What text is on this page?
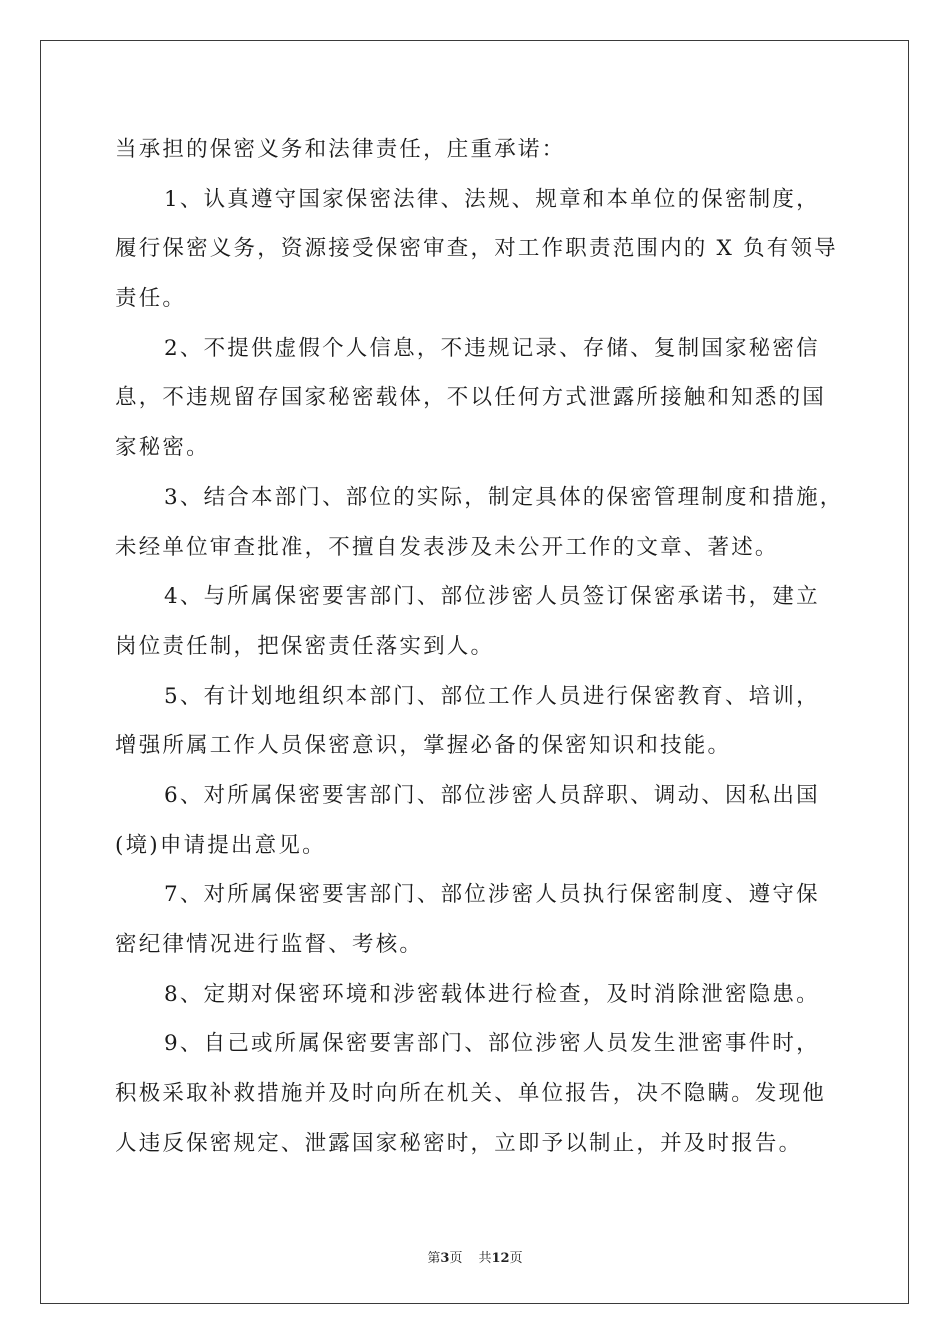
当承担的保密义务和法律责任，庄重承诺：
1、认真遵守国家保密法律、法规、规章和本单位的保密制度，
履行保密义务，资源接受保密审查，对工作职责范围内的 X 负有领导
责任。
2、不提供虚假个人信息，不违规记录、存储、复制国家秘密信
息，不违规留存国家秘密载体，不以任何方式泄露所接触和知悉的国
家秘密。
3、结合本部门、部位的实际，制定具体的保密管理制度和措施，
未经单位审查批准，不擅自发表涉及未公开工作的文章、著述。
4、与所属保密要害部门、部位涉密人员签订保密承诺书，建立
岗位责任制，把保密责任落实到人。
5、有计划地组织本部门、部位工作人员进行保密教育、培训，
增强所属工作人员保密意识，掌握必备的保密知识和技能。
6、对所属保密要害部门、部位涉密人员辞职、调动、因私出国
(境)申请提出意见。
7、对所属保密要害部门、部位涉密人员执行保密制度、遵守保
密纪律情况进行监督、考核。
8、定期对保密环境和涉密载体进行检查，及时消除泄密隐患。
9、自己或所属保密要害部门、部位涉密人员发生泄密事件时，
积极采取补救措施并及时向所在机关、单位报告，决不隐瞒。发现他
人违反保密规定、泄露国家秘密时，立即予以制止，并及时报告。

第3页 共12页
